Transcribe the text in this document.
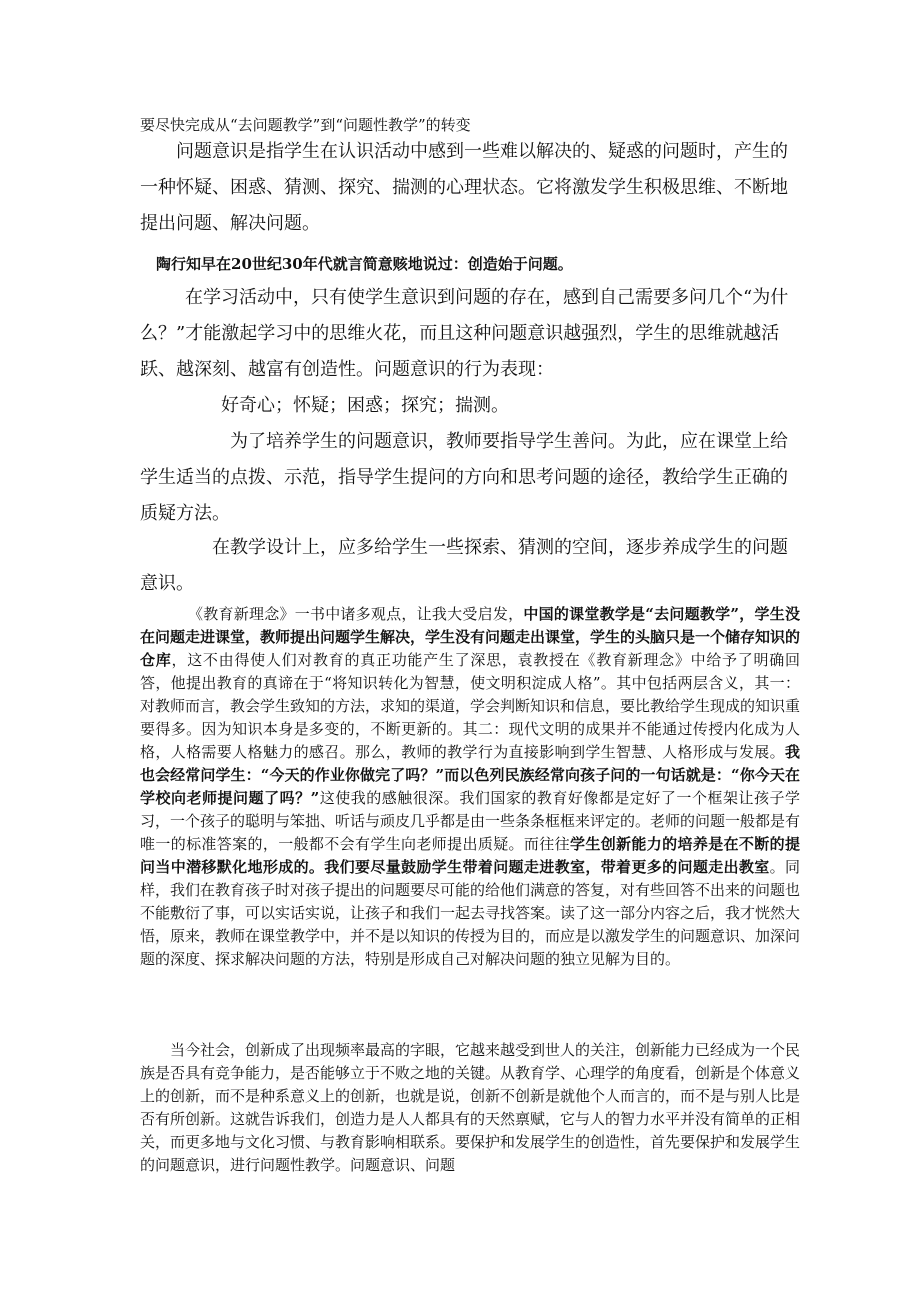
要尽快完成从“去问题教学”到“问题性教学”的转变

问题意识是指学生在认识活动中感到一些难以解决的、疑惑的问题时，产生的一种怀疑、困惑、猜测、探究、揣测的心理状态。它将激发学生积极思维、不断地提出问题、解决问题。

陶行知早在20世纪30年代就言简意赅地说过：创造始于问题。

在学习活动中，只有使学生意识到问题的存在，感到自己需要多问几个“为什么？”才能激起学习中的思维火花，而且这种问题意识越强烈，学生的思维就越活跃、越深刻、越富有创造性。问题意识的行为表现：

好奇心；怀疑；困惑；探究；揣测。

为了培养学生的问题意识，教师要指导学生善问。为此，应在课堂上给学生适当的点拨、示范，指导学生提问的方向和思考问题的途径，教给学生正确的质疑方法。

在教学设计上，应多给学生一些探索、猜测的空间，逐步养成学生的问题意识。

《教育新理念》一书中诸多观点，让我大受启发，中国的课堂教学是“去问题教学”，学生没在问题走进课堂，教师提出问题学生解决，学生没有问题走出课堂，学生的头脑只是一个储存知识的仓库，这不由得使人们对教育的真正功能产生了深思，袁教授在《教育新理念》中给予了明确回答，他提出教育的真谛在于“将知识转化为智慧，使文明积淀成人格”。其中包括两层含义，其一：对教师而言，教会学生致知的方法，求知的渠道，学会判断知识和信息，要比教给学生现成的知识重要得多。因为知识本身是多变的，不断更新的。其二：现代文明的成果并不能通过传授内化成为人格，人格需要人格魅力的感召。那么，教师的教学行为直接影响到学生智慧、人格形成与发展。我也会经常问学生：“今天的作业你做完了吗？”而以色列民族经常向孩子问的一句话就是：“你今天在学校向老师提问题了吗？”这使我的感触很深。我们国家的教育好像都是定好了一个框架让孩子学习，一个孩子的聪明与笨拙、听话与顽皮几乎都是由一些条条框框来评定的。老师的问题一般都是有唯一的标准答案的，一般都不会有学生向老师提出质疑。而往往学生创新能力的培养是在不断的提问当中潜移默化地形成的。我们要尽量鼓励学生带着问题走进教室，带着更多的问题走出教室。同样，我们在教育孩子时对孩子提出的问题要尽可能的给他们满意的答复，对有些回答不出来的问题也不能敷衍了事，可以实话实说，让孩子和我们一起去寻找答案。读了这一部分内容之后，我才恍然大悟，原来，教师在课堂教学中，并不是以知识的传授为目的，而应是以激发学生的问题意识、加深问题的深度、探求解决问题的方法，特别是形成自己对解决问题的独立见解为目的。

当今社会，创新成了出现频率最高的字眼，它越来越受到世人的关注，创新能力已经成为一个民族是否具有竞争能力，是否能够立于不败之地的关键。从教育学、心理学的角度看，创新是个体意义上的创新，而不是种系意义上的创新，也就是说，创新不创新是就他个人而言的，而不是与别人比是否有所创新。这就告诉我们，创造力是人人都具有的天然禀赋，它与人的智力水平并没有简单的正相关，而更多地与文化习惯、与教育影响相联系。要保护和发展学生的创造性，首先要保护和发展学生的问题意识，进行问题性教学。问题意识、问题
